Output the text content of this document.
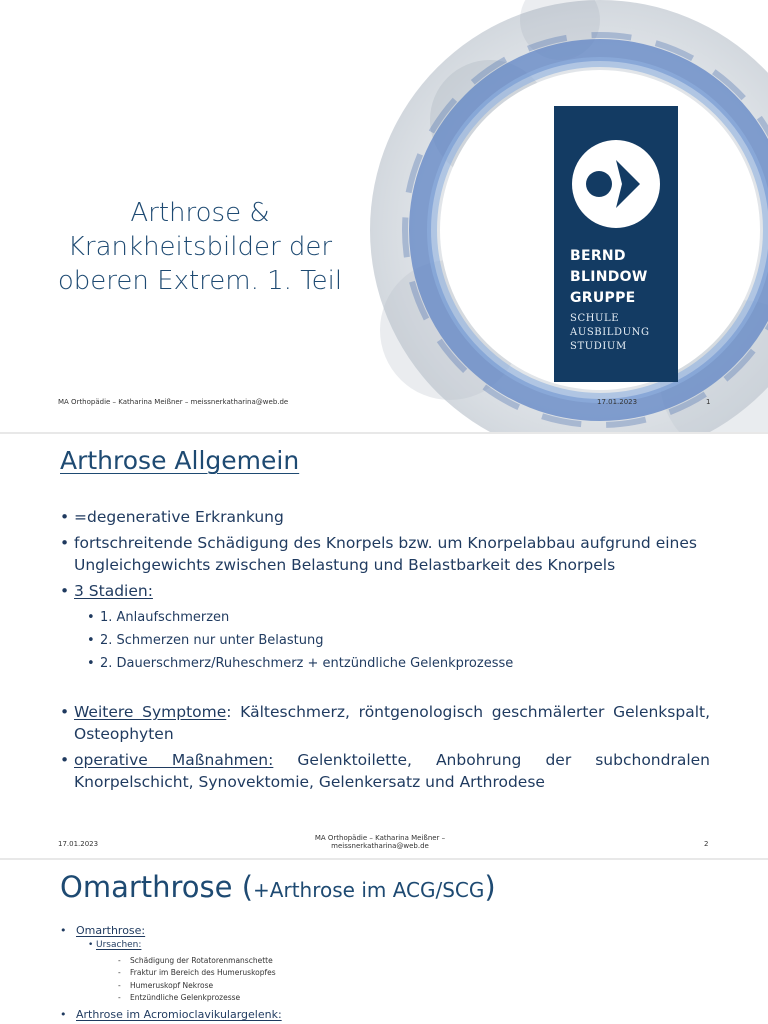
Arthrose &
Krankheitsbilder der
oberen Extrem. 1. Teil
BERND
BLINDOW
GRUPPE
SCHULE
AUSBILDUNG
STUDIUM
MA Orthopädie – Katharina Meißner – meissnerkatharina@web.de	17.01.2023	1
Arthrose Allgemein
• =degenerative Erkrankung
• fortschreitende Schädigung des Knorpels bzw. um Knorpelabbau aufgrund eines Ungleichgewichts zwischen Belastung und Belastbarkeit des Knorpels
• 3 Stadien:
• 1. Anlaufschmerzen
• 2. Schmerzen nur unter Belastung
• 2. Dauerschmerz/Ruheschmerz + entzündliche Gelenkprozesse
• Weitere Symptome: Kälteschmerz, röntgenologisch geschmälerter Gelenkspalt, Osteophyten
• operative Maßnahmen: Gelenktoilette, Anbohrung der subchondralen Knorpelschicht, Synovektomie, Gelenkersatz und Arthrodese
17.01.2023
MA Orthopädie – Katharina Meißner –
meissnerkatharina@web.de	2
Omarthrose (+Arthrose im ACG/SCG)
• Omarthrose:
• Ursachen:
- Schädigung der Rotatorenmanschette
- Fraktur im Bereich des Humeruskopfes
- Humeruskopf Nekrose
- Entzündliche Gelenkprozesse
• Arthrose im Acromioclavikulargelenk:
